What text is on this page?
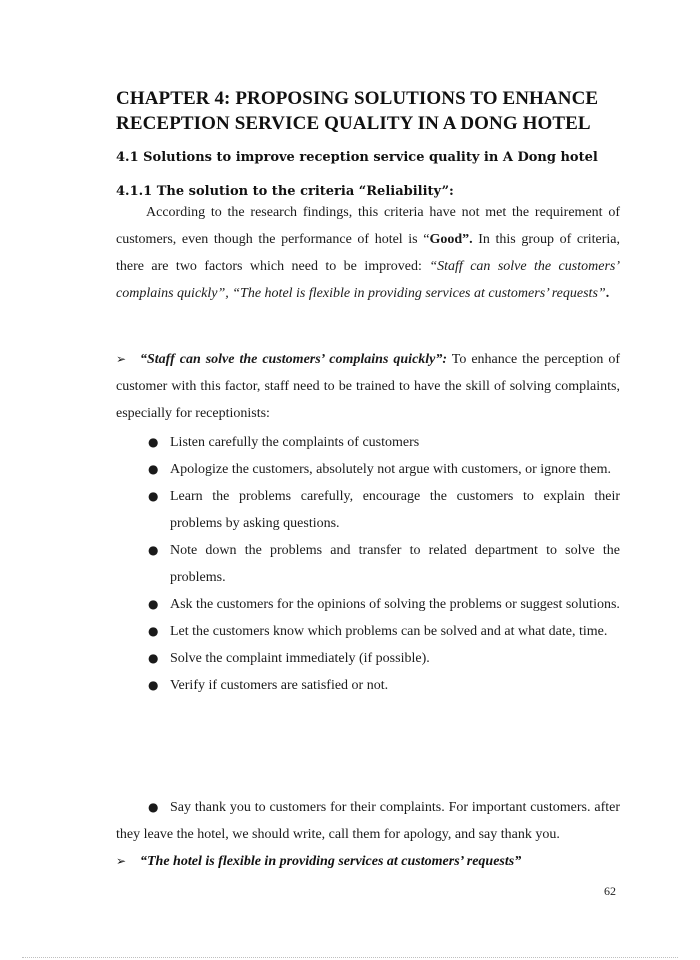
CHAPTER 4: PROPOSING SOLUTIONS TO ENHANCE
RECEPTION SERVICE QUALITY IN A DONG HOTEL
4.1 Solutions to improve reception service quality in A Dong hotel
4.1.1 The solution to the criteria “Reliability”:
According to the research findings, this criteria have not met the requirement of customers, even though the performance of hotel is “Good”. In this group of criteria, there are two factors which need to be improved: “Staff can solve the customers’ complains quickly”, “The hotel is flexible in providing services at customers’ requests”.
➢ “Staff can solve the customers’ complains quickly”: To enhance the perception of customer with this factor, staff need to be trained to have the skill of solving complaints, especially for receptionists:
● Listen carefully the complaints of customers
● Apologize the customers, absolutely not argue with customers, or ignore them.
● Learn the problems carefully, encourage the customers to explain their problems by asking questions.
● Note down the problems and transfer to related department to solve the problems.
● Ask the customers for the opinions of solving the problems or suggest solutions.
● Let the customers know which problems can be solved and at what date, time.
● Solve the complaint immediately (if possible).
● Verify if customers are satisfied or not.
● Say thank you to customers for their complaints. For important customers. after they leave the hotel, we should write, call them for apology, and say thank you.
➢ “The hotel is flexible in providing services at customers’ requests”
62
